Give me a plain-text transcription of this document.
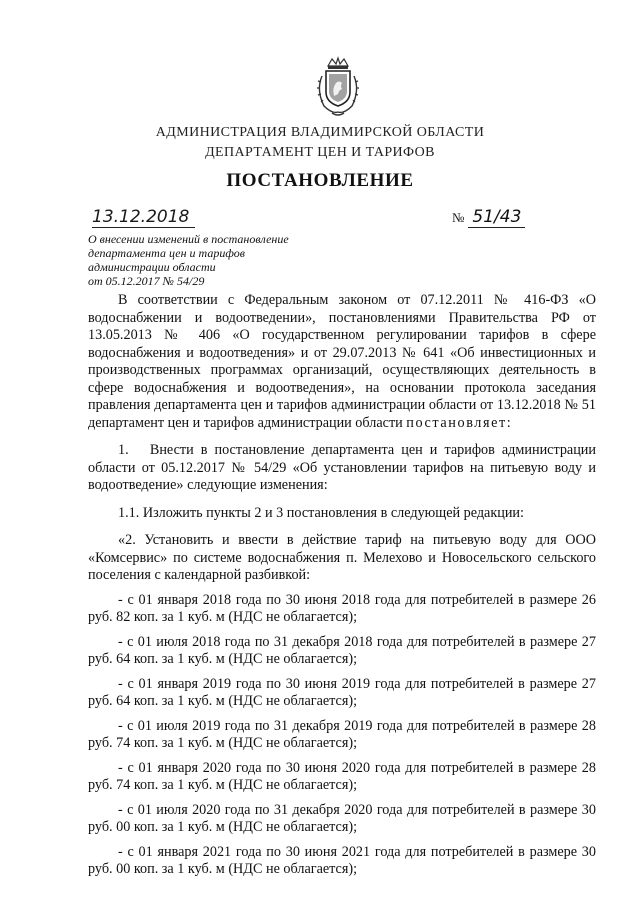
АДМИНИСТРАЦИЯ ВЛАДИМИРСКОЙ ОБЛАСТИ
ДЕПАРТАМЕНТ ЦЕН И ТАРИФОВ
ПОСТАНОВЛЕНИЕ
13.12.2018	№ 51/43
О внесении изменений в постановление
департамента цен и тарифов
администрации области
от 05.12.2017 № 54/29

В соответствии с Федеральным законом от 07.12.2011 № 416-ФЗ «О водоснабжении и водоотведении», постановлениями Правительства РФ от 13.05.2013 № 406 «О государственном регулировании тарифов в сфере водоснабжения и водоотведения» и от 29.07.2013 № 641 «Об инвестиционных и производственных программах организаций, осуществляющих деятельность в сфере водоснабжения и водоотведения», на основании протокола заседания правления департамента цен и тарифов администрации области от 13.12.2018 № 51 департамент цен и тарифов администрации области постановляет:

1.   Внести в постановление департамента цен и тарифов администрации области от 05.12.2017 № 54/29 «Об установлении тарифов на питьевую воду и водоотведение» следующие изменения:

1.1. Изложить пункты 2 и 3 постановления в следующей редакции:

«2. Установить и ввести в действие тариф на питьевую воду для ООО «Комсервис» по системе водоснабжения п. Мелехово и Новосельского сельского поселения с календарной разбивкой:

- с 01 января 2018 года по 30 июня 2018 года для потребителей в размере 26 руб. 82 коп. за 1 куб. м (НДС не облагается);

- с 01 июля 2018 года по 31 декабря 2018 года для потребителей в размере 27 руб. 64 коп. за 1 куб. м (НДС не облагается);

- с 01 января 2019 года по 30 июня 2019 года для потребителей в размере 27 руб. 64 коп. за 1 куб. м (НДС не облагается);

- с 01 июля 2019 года по 31 декабря 2019 года для потребителей в размере 28 руб. 74 коп. за 1 куб. м (НДС не облагается);

- с 01 января 2020 года по 30 июня 2020 года для потребителей в размере 28 руб. 74 коп. за 1 куб. м (НДС не облагается);

- с 01 июля 2020 года по 31 декабря 2020 года для потребителей в размере 30 руб. 00 коп. за 1 куб. м (НДС не облагается);

- с 01 января 2021 года по 30 июня 2021 года для потребителей в размере 30 руб. 00 коп. за 1 куб. м (НДС не облагается);
